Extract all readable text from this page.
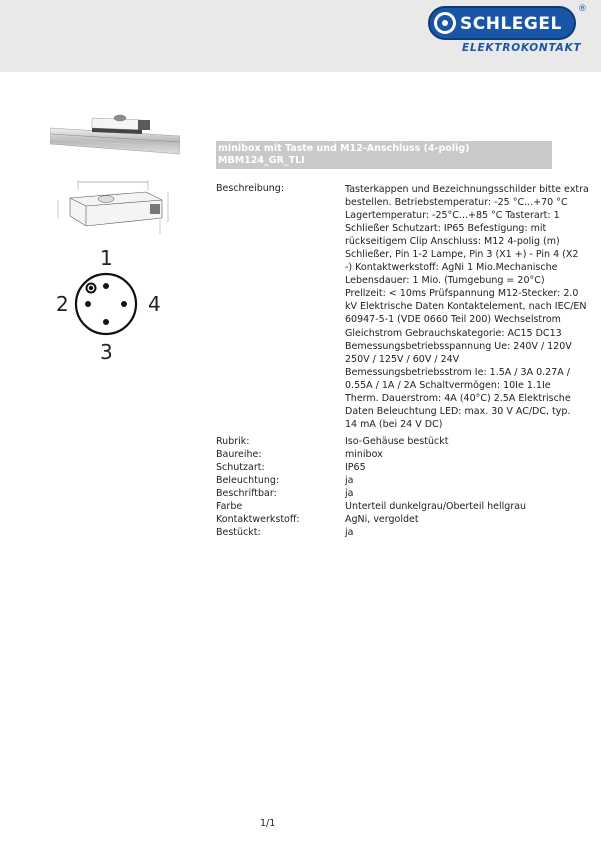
SCHLEGEL
®
ELEKTROKONTAKT
1
2	4
3
minibox mit Taste und M12-Anschluss (4-polig)
MBM124_GR_TLI
Beschreibung:	Tasterkappen und Bezeichnungsschilder bitte extra
bestellen. Betriebstemperatur: -25 °C...+70 °C
Lagertemperatur: -25°C...+85 °C Tasterart: 1
Schließer Schutzart: IP65 Befestigung: mit
rückseitigem Clip Anschluss: M12 4-polig (m)
Schließer, Pin 1-2 Lampe, Pin 3 (X1 +) - Pin 4 (X2
-) Kontaktwerkstoff: AgNi 1 Mio.Mechanische
Lebensdauer: 1 Mio. (Tumgebung = 20°C)
Prellzeit: < 10ms Prüfspannung M12-Stecker: 2.0
kV Elektrische Daten Kontaktelement, nach IEC/EN
60947-5-1 (VDE 0660 Teil 200) Wechselstrom
Gleichstrom Gebrauchskategorie: AC15 DC13
Bemessungsbetriebsspannung Ue: 240V / 120V
250V / 125V / 60V / 24V
Bemessungsbetriebsstrom Ie: 1.5A / 3A 0.27A /
0.55A / 1A / 2A Schaltvermögen: 10Ie 1.1Ie
Therm. Dauerstrom: 4A (40°C) 2.5A Elektrische
Daten Beleuchtung LED: max. 30 V AC/DC, typ.
14 mA (bei 24 V DC)
Rubrik:	Iso-Gehäuse bestückt
Baureihe:	minibox
Schutzart:	IP65
Beleuchtung:	ja
Beschriftbar:	ja
Farbe	Unterteil dunkelgrau/Oberteil hellgrau
Kontaktwerkstoff:	AgNi, vergoldet
Bestückt:	ja
1/1
